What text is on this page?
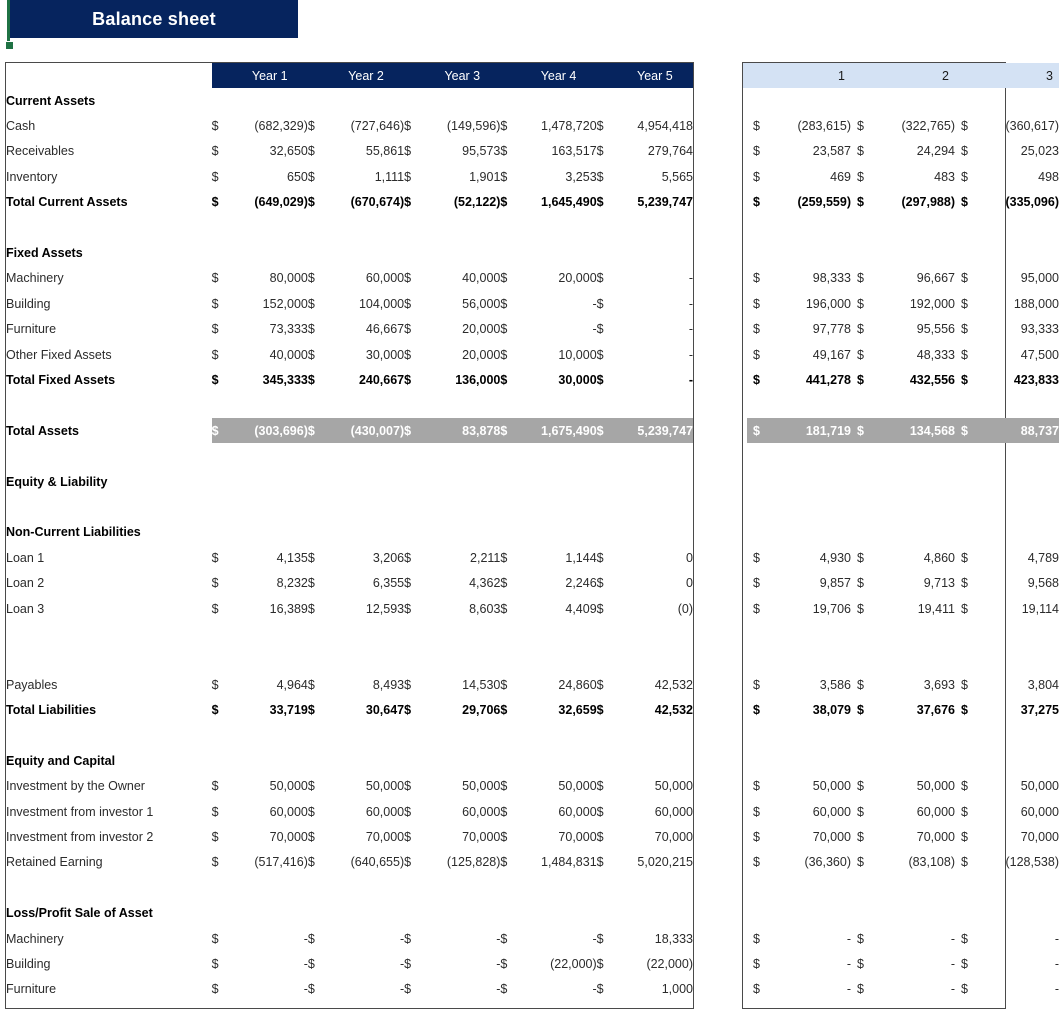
Balance sheet
		Year 1		Year 2		Year 3		Year 4		Year 5
Current Assets										
Cash	$	(682,329)	$	(727,646)	$	(149,596)	$	1,478,720	$	4,954,418
Receivables	$	32,650	$	55,861	$	95,573	$	163,517	$	279,764
Inventory	$	650	$	1,111	$	1,901	$	3,253	$	5,565
Total Current Assets	$	(649,029)	$	(670,674)	$	(52,122)	$	1,645,490	$	5,239,747

Fixed Assets										
Machinery	$	80,000	$	60,000	$	40,000	$	20,000	$	-
Building	$	152,000	$	104,000	$	56,000	$	-	$	-
Furniture	$	73,333	$	46,667	$	20,000	$	-	$	-
Other Fixed Assets	$	40,000	$	30,000	$	20,000	$	10,000	$	-
Total Fixed Assets	$	345,333	$	240,667	$	136,000	$	30,000	$	-

Total Assets	$	(303,696)	$	(430,007)	$	83,878	$	1,675,490	$	5,239,747

Equity & Liability										

Non-Current Liabilities										
Loan 1	$	4,135	$	3,206	$	2,211	$	1,144	$	0
Loan 2	$	8,232	$	6,355	$	4,362	$	2,246	$	0
Loan 3	$	16,389	$	12,593	$	8,603	$	4,409	$	(0)

Payables	$	4,964	$	8,493	$	14,530	$	24,860	$	42,532
Total Liabilities	$	33,719	$	30,647	$	29,706	$	32,659	$	42,532

Equity and Capital										
Investment by the Owner	$	50,000	$	50,000	$	50,000	$	50,000	$	50,000
Investment from investor 1	$	60,000	$	60,000	$	60,000	$	60,000	$	60,000
Investment from investor 2	$	70,000	$	70,000	$	70,000	$	70,000	$	70,000
Retained Earning	$	(517,416)	$	(640,655)	$	(125,828)	$	1,484,831	$	5,020,215

Loss/Profit Sale of Asset										
Machinery	$	-	$	-	$	-	$	-	$	18,333
Building	$	-	$	-	$	-	$	(22,000)	$	(22,000)
Furniture	$	-	$	-	$	-	$	-	$	1,000
		1		2		3

	$	(283,615)	$	(322,765)	$	(360,617)
	$	23,587	$	24,294	$	25,023
	$	469	$	483	$	498
	$	(259,559)	$	(297,988)	$	(335,096)

	$	98,333	$	96,667	$	95,000
	$	196,000	$	192,000	$	188,000
	$	97,778	$	95,556	$	93,333
	$	49,167	$	48,333	$	47,500
	$	441,278	$	432,556	$	423,833

	$	181,719	$	134,568	$	88,737

	$	4,930	$	4,860	$	4,789
	$	9,857	$	9,713	$	9,568
	$	19,706	$	19,411	$	19,114

	$	3,586	$	3,693	$	3,804
	$	38,079	$	37,676	$	37,275

	$	50,000	$	50,000	$	50,000
	$	60,000	$	60,000	$	60,000
	$	70,000	$	70,000	$	70,000
	$	(36,360)	$	(83,108)	$	(128,538)

	$	-	$	-	$	-
	$	-	$	-	$	-
	$	-	$	-	$	-
